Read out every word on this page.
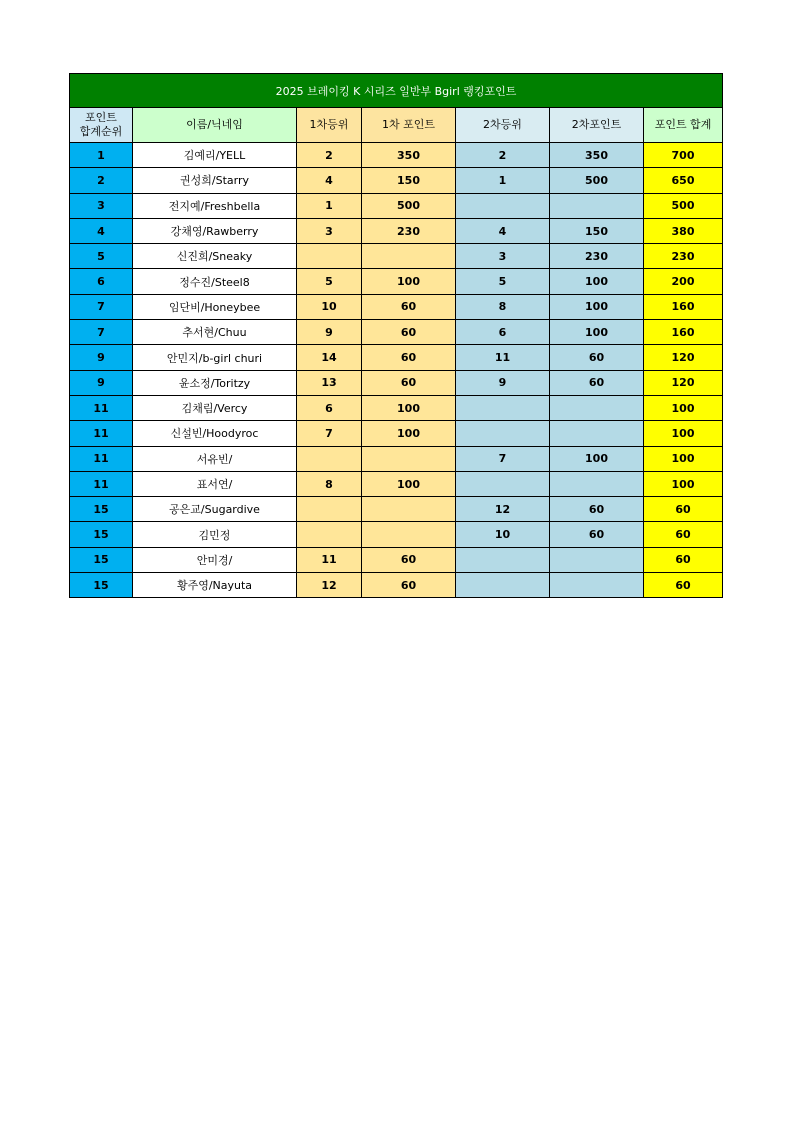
2025 브레이킹 K 시리즈 일반부 Bgirl 랭킹포인트						

포인트
합계순위	이름/닉네임	1차등위	1차 포인트	2차등위	2차포인트	포인트 합계
1	김예리/YELL	2	350	2	350	700
2	권성희/Starry	4	150	1	500	650
3	전지예/Freshbella	1	500			500
4	강채영/Rawberry	3	230	4	150	380
5	신진희/Sneaky			3	230	230
6	정수진/Steel8	5	100	5	100	200
7	임단비/Honeybee	10	60	8	100	160
7	추서현/Chuu	9	60	6	100	160
9	안민지/b-girl churi	14	60	11	60	120
9	윤소정/Toritzy	13	60	9	60	120
11	김채림/Vercy	6	100			100
11	신설빈/Hoodyroc	7	100			100
11	서유빈/			7	100	100
11	표서연/	8	100			100
15	공은교/Sugardive			12	60	60
15	김민정			10	60	60
15	안미경/	11	60			60
15	황주영/Nayuta	12	60			60
